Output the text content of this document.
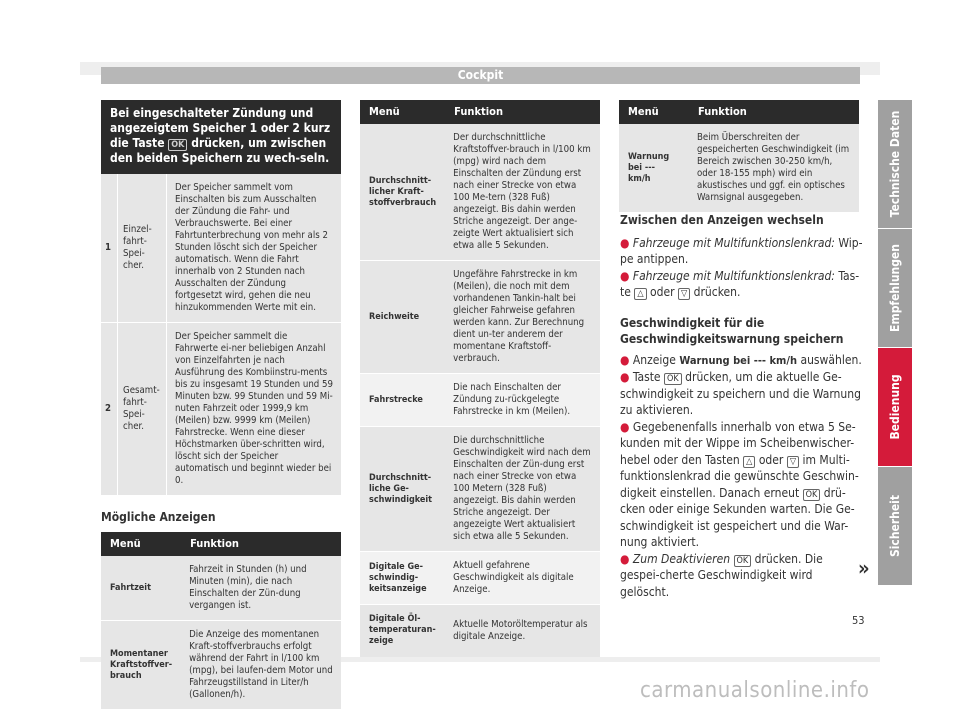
Cockpit
Bei eingeschalteter Zündung und angezeigtem Speicher 1 oder 2 kurz die Taste OK drücken, um zwischen den beiden Speichern zu wech-seln.		
1	Einzel-fahrt-Spei-cher.	Der Speicher sammelt vom Einschalten bis zum Ausschalten der Zündung die Fahr- und Verbrauchswerte. Bei einer Fahrtunterbrechung von mehr als 2 Stunden löscht sich der Speicher automatisch. Wenn die Fahrt innerhalb von 2 Stunden nach Ausschalten der Zündung fortgesetzt wird, gehen die neu hinzukommenden Werte mit ein.
2	Gesamt-fahrt-Spei-cher.	Der Speicher sammelt die Fahrwerte ei-ner beliebigen Anzahl von Einzelfahrten je nach Ausführung des Kombiinstru-ments bis zu insgesamt 19 Stunden und 59 Minuten bzw. 99 Stunden und 59 Mi-nuten Fahrzeit oder 1999,9 km (Meilen) bzw. 9999 km (Meilen) Fahrstrecke. Wenn eine dieser Höchstmarken über-schritten wird, löscht sich der Speicher automatisch und beginnt wieder bei 0.
Mögliche Anzeigen
Menü	Funktion
Fahrtzeit	Fahrzeit in Stunden (h) und Minuten (min), die nach Einschalten der Zün-dung vergangen ist.
Momentaner Kraftstoffver-brauch	Die Anzeige des momentanen Kraft-stoffverbrauchs erfolgt während der Fahrt in l/100 km (mpg), bei laufen-dem Motor und Fahrzeugstillstand in Liter/h (Gallonen/h).
Menü	Funktion
Durchschnitt-licher Kraft-stoffverbrauch	Der durchschnittliche Kraftstoffver-brauch in l/100 km (mpg) wird nach dem Einschalten der Zündung erst nach einer Strecke von etwa 100 Me-tern (328 Fuß) angezeigt. Bis dahin werden Striche angezeigt. Der ange-zeigte Wert aktualisiert sich etwa alle 5 Sekunden.
Reichweite	Ungefähre Fahrstrecke in km (Meilen), die noch mit dem vorhandenen Tankin-halt bei gleicher Fahrweise gefahren werden kann. Zur Berechnung dient un-ter anderem der momentane Kraftstoff-verbrauch.
Fahrstrecke	Die nach Einschalten der Zündung zu-rückgelegte Fahrstrecke in km (Meilen).
Durchschnitt-liche Ge-schwindigkeit	Die durchschnittliche Geschwindigkeit wird nach dem Einschalten der Zün-dung erst nach einer Strecke von etwa 100 Metern (328 Fuß) angezeigt. Bis dahin werden Striche angezeigt. Der angezeigte Wert aktualisiert sich etwa alle 5 Sekunden.
Digitale Ge-schwindig-keitsanzeige	Aktuell gefahrene Geschwindigkeit als digitale Anzeige.
Digitale Öl-temperaturan-zeige	Aktuelle Motoröltemperatur als digitale Anzeige.
Menü	Funktion
Warnung bei --- km/h	Beim Überschreiten der gespeicherten Geschwindigkeit (im Bereich zwischen 30-250 km/h, oder 18-155 mph) wird ein akustisches und ggf. ein optisches Warnsignal ausgegeben.
Zwischen den Anzeigen wechseln

● Fahrzeuge mit Multifunktionslenkrad: Wip-pe antippen.

● Fahrzeuge mit Multifunktionslenkrad: Tas-te △ oder ▽ drücken.

Geschwindigkeit für die Geschwindigkeitswarnung speichern

● Anzeige Warnung bei --- km/h auswählen.

● Taste OK drücken, um die aktuelle Ge-schwindigkeit zu speichern und die Warnung zu aktivieren.

● Gegebenenfalls innerhalb von etwa 5 Se-kunden mit der Wippe im Scheibenwischer-hebel oder den Tasten △ oder ▽ im Multi-funktionslenkrad die gewünschte Geschwin-digkeit einstellen. Danach erneut OK drü-cken oder einige Sekunden warten. Die Ge-schwindigkeit ist gespeichert und die War-nung aktiviert.

● Zum Deaktivieren OK drücken. Die gespei-cherte Geschwindigkeit wird gelöscht.

»
Technische Daten
Empfehlungen
Bedienung
Sicherheit
53
carmanualsonline.info
